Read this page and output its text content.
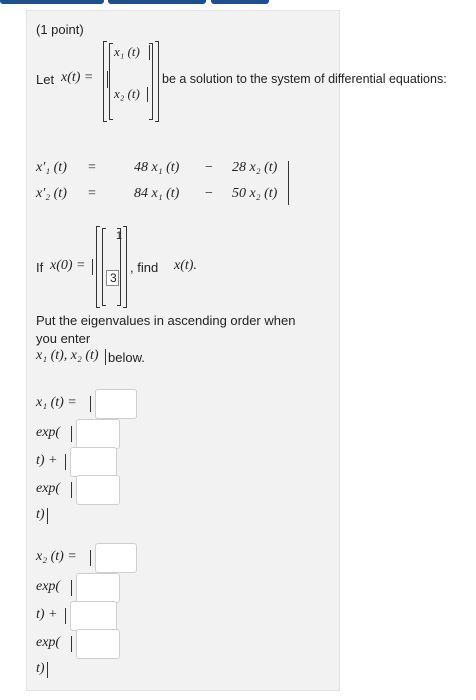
(1 point)
Let x(t) =
x₁ (t)
x₂ (t)
be a solution to the system of differential equations:
x′₁ (t) =	48 x₁ (t) − 28 x₂ (t)
x′₂ (t) =	84 x₁ (t) − 50 x₂ (t)
If x(0) =
1
3
, find x(t).
Put the eigenvalues in ascending order when
you enter
x₁ (t), x₂ (t) below.
x₁ (t) =
exp(
t) +
exp(
t)
x₂ (t) =
exp(
t) +
exp(
t)
